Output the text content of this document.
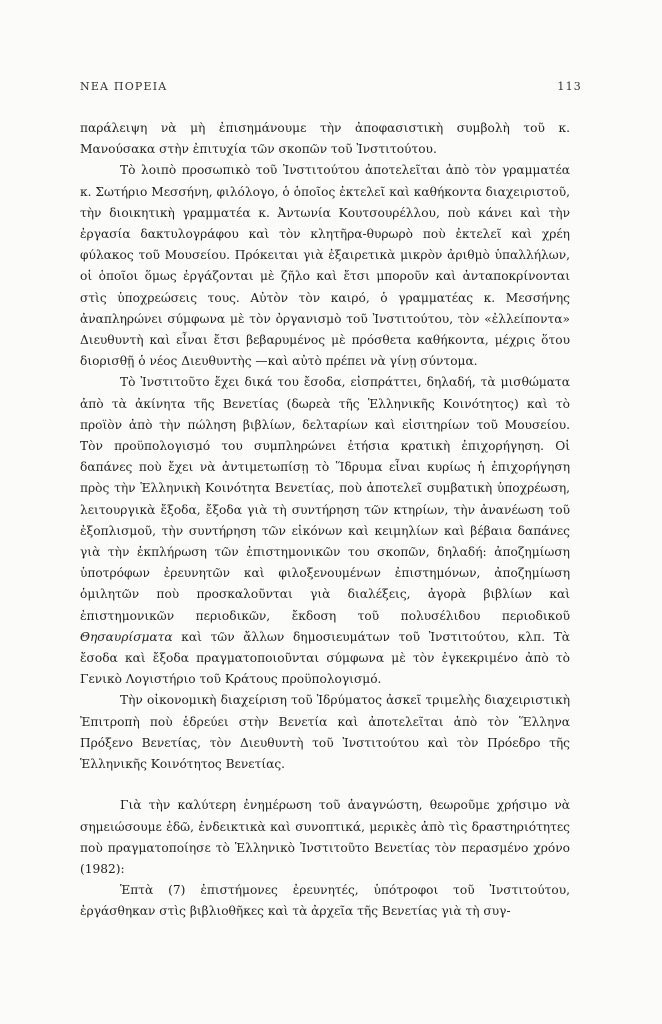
ΝΕΑ ΠΟΡΕΙΑ	113

παράλειψη νὰ μὴ ἐπισημάνουμε τὴν ἀποφασιστικὴ συμβολὴ τοῦ κ. Μανούσακα στὴν ἐπιτυχία τῶν σκοπῶν τοῦ Ἰνστιτούτου.

Τὸ λοιπὸ προσωπικὸ τοῦ Ἰνστιτούτου ἀποτελεῖται ἀπὸ τὸν γραμματέα κ. Σωτήριο Μεσσήνη, φιλόλογο, ὁ ὁποῖος ἐκτελεῖ καὶ καθήκοντα διαχειριστοῦ, τὴν διοικητικὴ γραμματέα κ. Ἀντωνία Κουτσουρέλλου, ποὺ κάνει καὶ τὴν ἐργασία δακτυλογράφου καὶ τὸν κλητῆρα-θυρωρὸ ποὺ ἐκτελεῖ καὶ χρέη φύλακος τοῦ Μουσείου. Πρόκειται γιὰ ἐξαιρετικὰ μικρὸν ἀριθμὸ ὑπαλλήλων, οἱ ὁποῖοι ὅμως ἐργάζονται μὲ ζῆλο καὶ ἔτσι μποροῦν καὶ ἀνταποκρίνονται στὶς ὑποχρεώσεις τους. Αὐτὸν τὸν καιρό, ὁ γραμματέας κ. Μεσσήνης ἀναπληρώνει σύμφωνα μὲ τὸν ὀργανισμὸ τοῦ Ἰνστιτούτου, τὸν «ἐλλείποντα» Διευθυντὴ καὶ εἶναι ἔτσι βεβαρυμένος μὲ πρόσθετα καθήκοντα, μέχρις ὅτου διορισθῇ ὁ νέος Διευθυντὴς —καὶ αὐτὸ πρέπει νὰ γίνῃ σύντομα.

Τὸ Ἰνστιτοῦτο ἔχει δικά του ἔσοδα, εἰσπράττει, δηλαδή, τὰ μισθώματα ἀπὸ τὰ ἀκίνητα τῆς Βενετίας (δωρεὰ τῆς Ἑλληνικῆς Κοινότητος) καὶ τὸ προϊὸν ἀπὸ τὴν πώληση βιβλίων, δελταρίων καὶ εἰσιτηρίων τοῦ Μουσείου. Τὸν προϋπολογισμό του συμπληρώνει ἐτήσια κρατικὴ ἐπιχορήγηση. Οἱ δαπάνες ποὺ ἔχει νὰ ἀντιμετωπίσῃ τὸ Ἵδρυμα εἶναι κυρίως ἡ ἐπιχορήγηση πρὸς τὴν Ἑλληνικὴ Κοινότητα Βενετίας, ποὺ ἀποτελεῖ συμβατικὴ ὑποχρέωση, λειτουργικὰ ἔξοδα, ἔξοδα γιὰ τὴ συντήρηση τῶν κτηρίων, τὴν ἀνανέωση τοῦ ἐξοπλισμοῦ, τὴν συντήρηση τῶν εἰκόνων καὶ κειμηλίων καὶ βέβαια δαπάνες γιὰ τὴν ἐκπλήρωση τῶν ἐπιστημονικῶν του σκοπῶν, δηλαδή: ἀποζημίωση ὑποτρόφων ἐρευνητῶν καὶ φιλοξενουμένων ἐπιστημόνων, ἀποζημίωση ὁμιλητῶν ποὺ προσκαλοῦνται γιὰ διαλέξεις, ἀγορὰ βιβλίων καὶ ἐπιστημονικῶν περιοδικῶν, ἔκδοση τοῦ πολυσέλιδου περιοδικοῦ Θησαυρίσματα καὶ τῶν ἄλλων δημοσιευμάτων τοῦ Ἰνστιτούτου, κλπ. Τὰ ἔσοδα καὶ ἔξοδα πραγματοποιοῦνται σύμφωνα μὲ τὸν ἐγκεκριμένο ἀπὸ τὸ Γενικὸ Λογιστήριο τοῦ Κράτους προϋπολογισμό.

Τὴν οἰκονομικὴ διαχείριση τοῦ Ἱδρύματος ἀσκεῖ τριμελὴς διαχειριστικὴ Ἐπιτροπὴ ποὺ ἑδρεύει στὴν Βενετία καὶ ἀποτελεῖται ἀπὸ τὸν Ἕλληνα Πρόξενο Βενετίας, τὸν Διευθυντὴ τοῦ Ἰνστιτούτου καὶ τὸν Πρόεδρο τῆς Ἑλληνικῆς Κοινότητος Βενετίας.

Γιὰ τὴν καλύτερη ἐνημέρωση τοῦ ἀναγνώστη, θεωροῦμε χρήσιμο νὰ σημειώσουμε ἐδῶ, ἐνδεικτικὰ καὶ συνοπτικά, μερικὲς ἀπὸ τὶς δραστηριότητες ποὺ πραγματοποίησε τὸ Ἑλληνικὸ Ἰνστιτοῦτο Βενετίας τὸν περασμένο χρόνο (1982):

Ἑπτὰ (7) ἐπιστήμονες ἐρευνητές, ὑπότροφοι τοῦ Ἰνστιτούτου, ἐργάσθηκαν στὶς βιβλιοθῆκες καὶ τὰ ἀρχεῖα τῆς Βενετίας γιὰ τὴ συγ-
